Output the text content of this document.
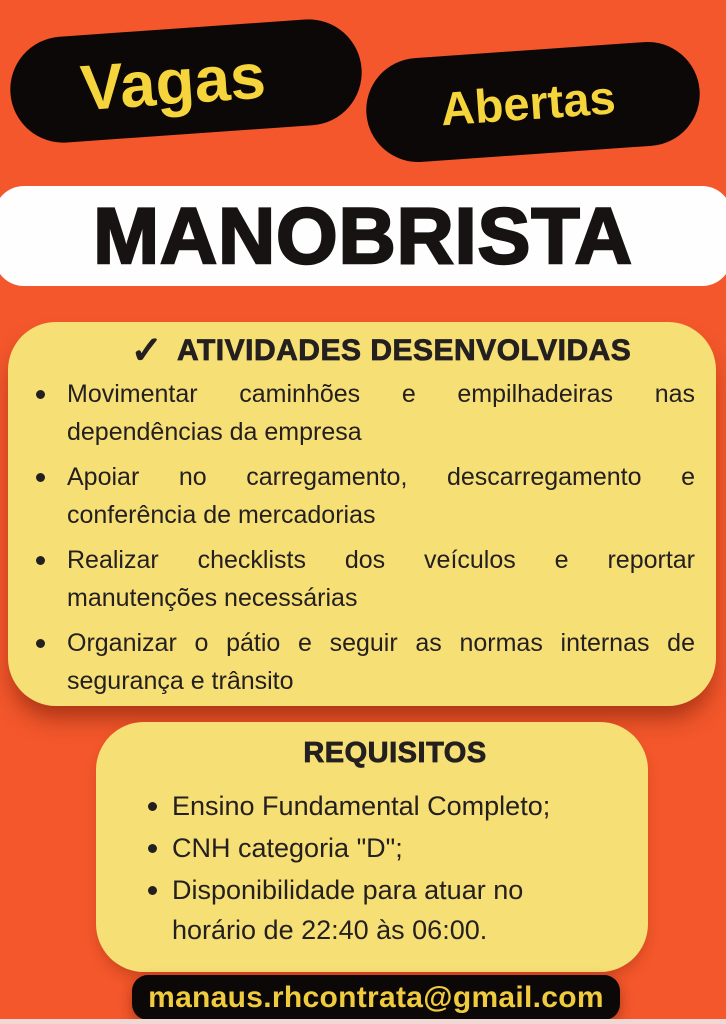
Vagas	Abertas
MANOBRISTA
✓ ATIVIDADES DESENVOLVIDAS
Movimentar caminhões e empilhadeiras nas
dependências da empresa
Apoiar no carregamento, descarregamento e
conferência de mercadorias
Realizar checklists dos veículos e reportar
manutenções necessárias
Organizar o pátio e seguir as normas internas de
segurança e trânsito
REQUISITOS
Ensino Fundamental Completo;
CNH categoria "D";
Disponibilidade para atuar no
horário de 22:40 às 06:00.
manaus.rhcontrata@gmail.com
